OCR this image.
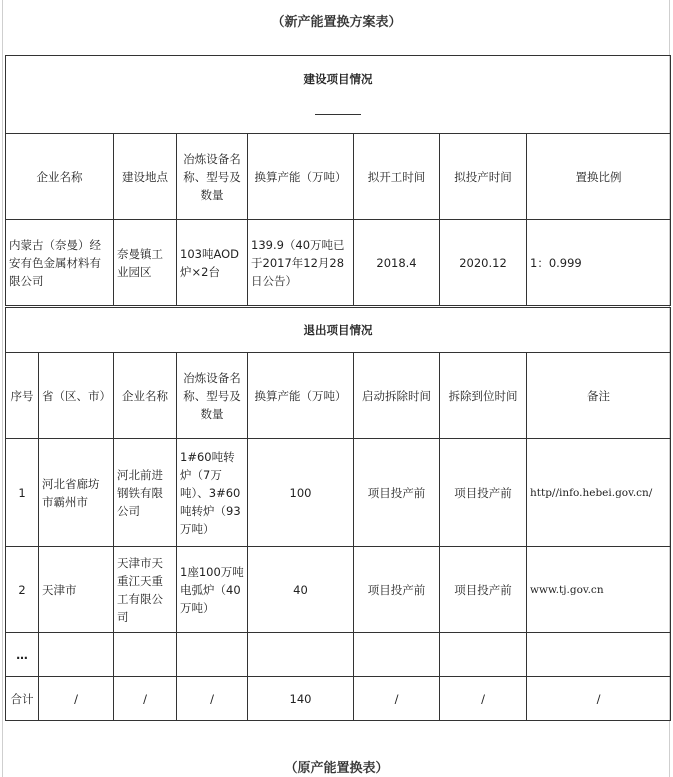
（新产能置换方案表）
建设项目情况						

企业名称	建设地点	冶炼设备名称、型号及数量	换算产能（万吨）	拟开工时间	拟投产时间	置换比例
内蒙古（奈曼）经安有色金属材料有限公司	奈曼镇工业园区	103吨AOD炉×2台	139.9（40万吨已于2017年12月28日公告）	2018.4	2020.12	1：0.999
退出项目情况							
序号	省（区、市）	企业名称	冶炼设备名称、型号及数量	换算产能（万吨）	启动拆除时间	拆除到位时间	备注
1	河北省廊坊市霸州市	河北前进钢铁有限公司	1#60吨转炉（7万吨）、3#60吨转炉（93万吨）	100	项目投产前	项目投产前	http//info.hebei.gov.cn/
2	天津市	天津市天重江天重工有限公司	1座100万吨电弧炉（40万吨）	40	项目投产前	项目投产前	www.tj.gov.cn
…							
合计	/	/	/	140	/	/	/
（原产能置换表）
